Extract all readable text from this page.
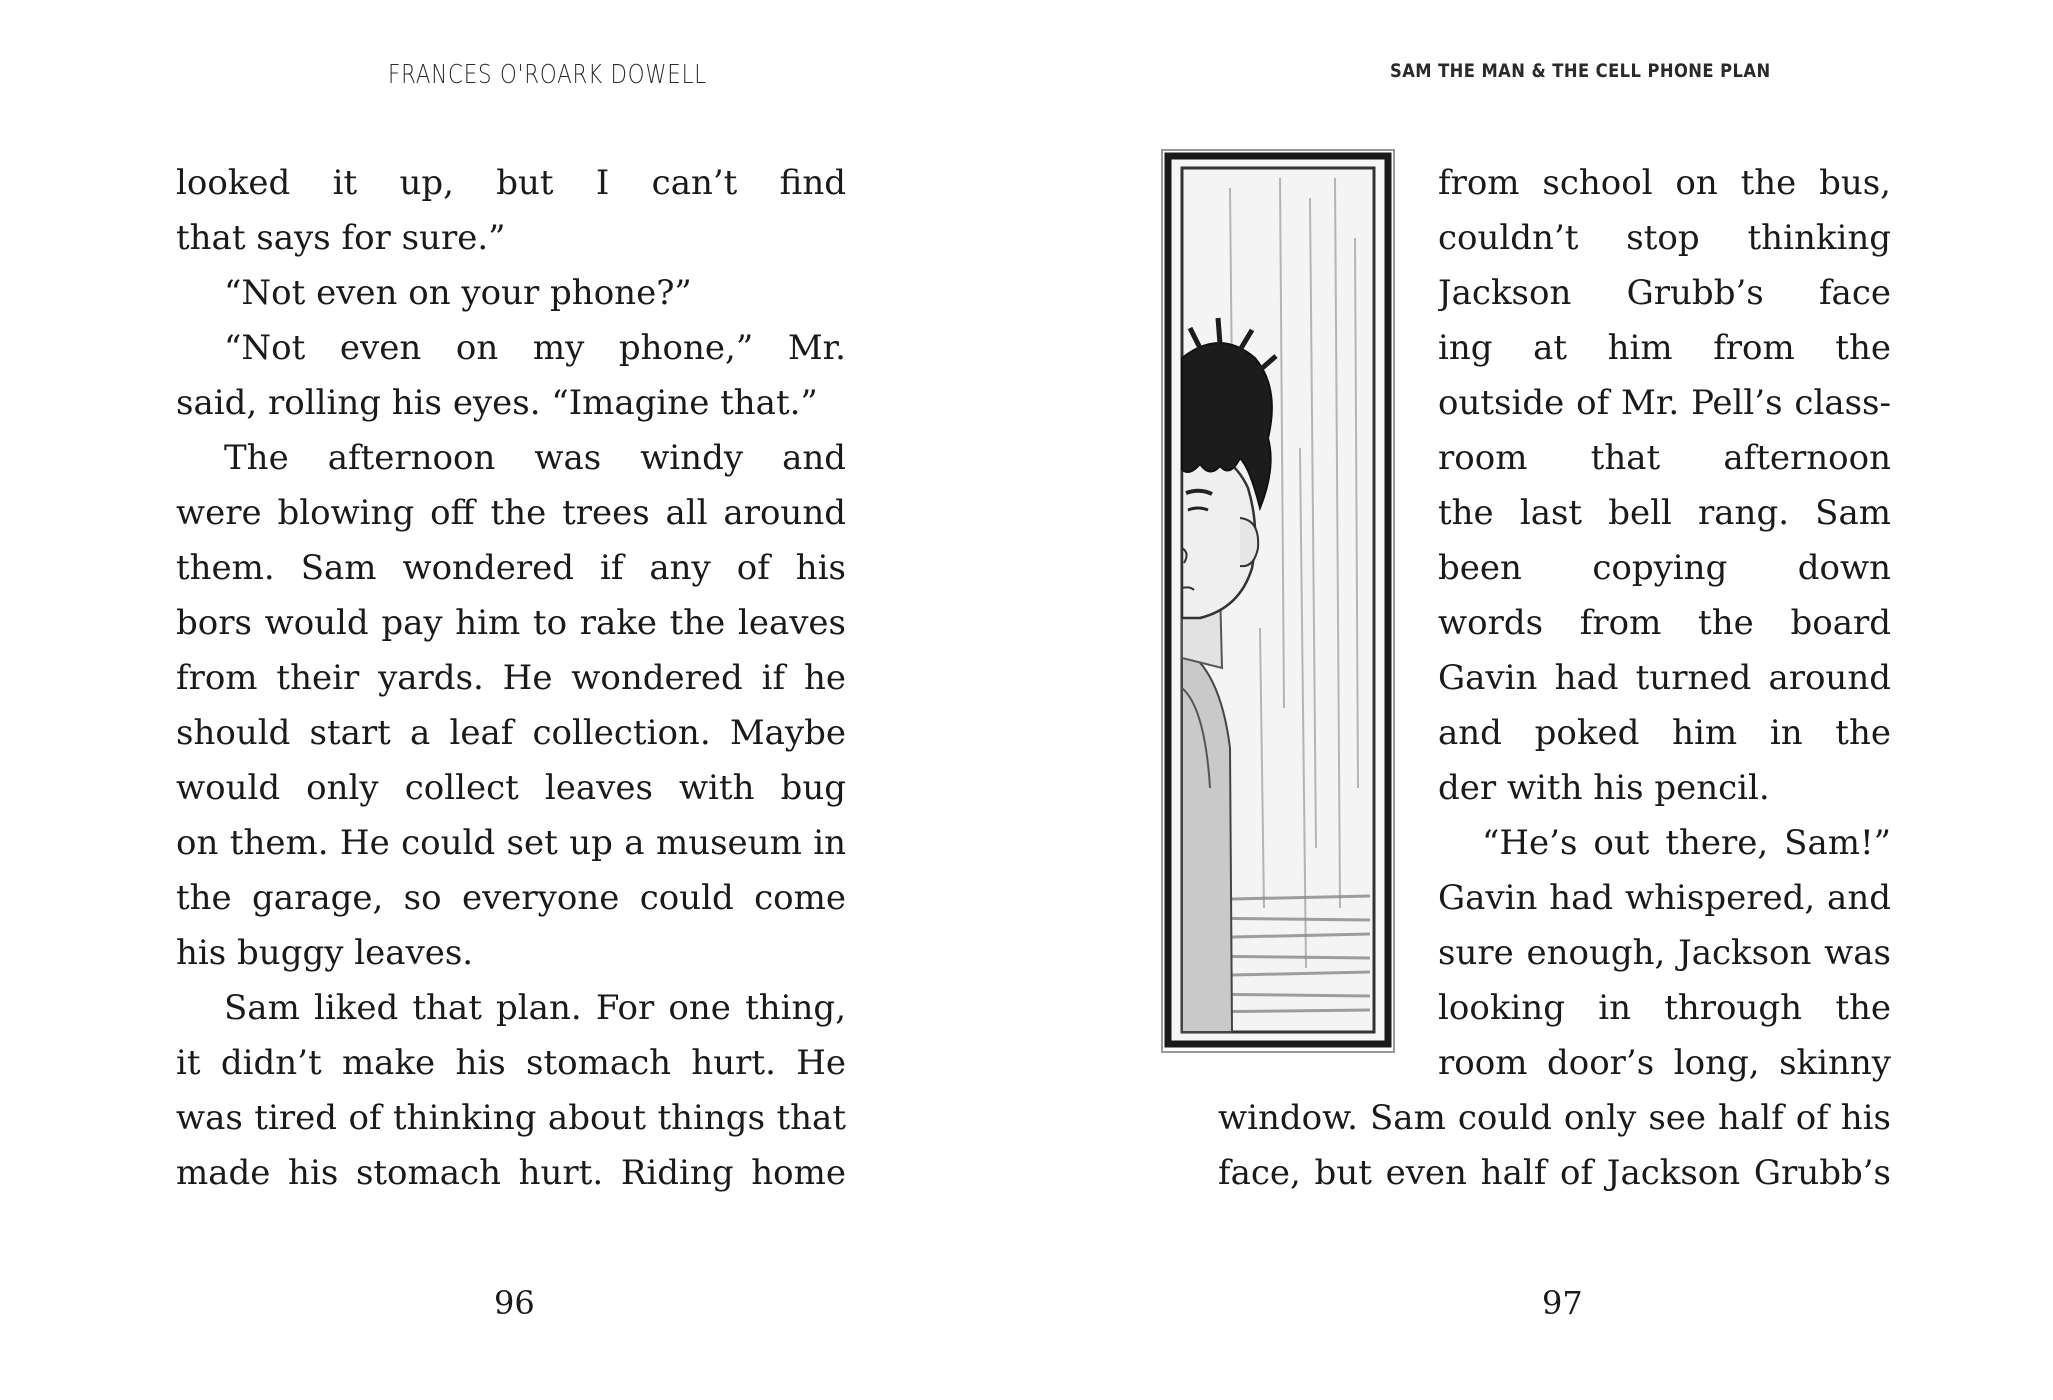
FRANCES O'ROARK DOWELL
looked it up, but I can’t find
that says for sure.”
“Not even on your phone?”
“Not even on my phone,” Mr.
said, rolling his eyes. “Imagine that.”
The afternoon was windy and
were blowing off the trees all around
them. Sam wondered if any of his
bors would pay him to rake the leaves
from their yards. He wondered if he
should start a leaf collection. Maybe
would only collect leaves with bug
on them. He could set up a museum in
the garage, so everyone could come
his buggy leaves.
Sam liked that plan. For one thing,
it didn’t make his stomach hurt. He
was tired of thinking about things that
made his stomach hurt. Riding home
96
SAM THE MAN & THE CELL PHONE PLAN
from school on the bus,
couldn’t stop thinking
Jackson Grubb’s face
ing at him from the
outside of Mr. Pell’s class-
room that afternoon
the last bell rang. Sam
been copying down
words from the board
Gavin had turned around
and poked him in the
der with his pencil.
“He’s out there, Sam!”
Gavin had whispered, and
sure enough, Jackson was
looking in through the
room door’s long, skinny
window. Sam could only see half of his
face, but even half of Jackson Grubb’s
97
